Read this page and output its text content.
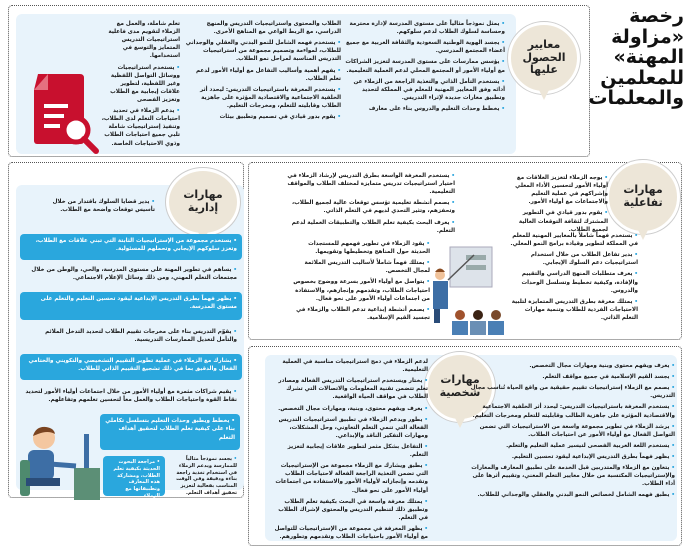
رخصة «مزاولة المهنة» للمعلمين والمعلمات
معايير الحصول عليها

• يمثل نموذجاً مثالياً على مستوى المدرسة لإدارة محترمة وحساسة لسلوك الطلاب لدعم سلوكهم.

• يجسد الهوية الوطنية السعودية والثقافة العربية مع جميع أعضاء المجتمع المدرسي.

• يؤسس ممارسات على مستوى المدرسة لتعزيز الشراكات مع أولياء الأمور أو المجتمع المحلي لدعم العملية التعليمية.

• يستخدم التأمل الذاتي والتغذية الراجعة من الزملاء عن أدائه وفق المعايير المهنية للمعلم في المملكة لتحديد وتطبيق معارات جديدة لإثراء التدريس.

• يخطط وحدات التعليم والدروس بناء على معارف

الطلاب والمحتوى واستراتيجيات التدريس والمنهج الدراسي، مع الربط الواعي مع المناهج الأخرى.

• يستخدم فهمه الشامل للنمو البدني والعقلي والوجداني للطلاب، لمواءمة وتصميم مجموعة من استراتيجيات التدريس المناسبة لمراحل نمو الطلاب.

• يفهم أهمية وأساليب التفاعل مع أولياء الأمور لدعم تعلم الطلاب.

• يستخدم المعرفة باستراتيجيات التدريس: ليحدد أثر الخلفية الاجتماعية والاقتصادية المؤثرة على جاهزية الطلاب وقابليته للتعلم، ومخرجات التعليم.

• يقوم بدور قيادي في تصميم وتطبيق بيئات

تعلم شاملة، والعمل مع الزملاء لتقويم مدى فاعلية استراتيجيات التدريس المتمايز والتوسع في استخدامها.

• يستخدم استراتيجيات ووسائل التواصل اللفظية وغير اللفظية، لتطوير علاقات إيجابية مع الطلاب وتعزيز الفصحى

• يدعم الزملاء في تحديد احتياجات التعلم لدى الطلاب، وتنفيذ إستراتيجيات شاملة تلبي جميع احتياجات الطلاب وذوي الاحتياجات الخاصة.

مهارات تفاعلية

• يوجه الزملاء لتعزيز العلاقات مع أولياء الأمور لتحسين الأداء المعلي وإشراكهم في عملية التعليم والاجتماعات مع أولياء الأمور.

• يقوم بدور قيادي في التطوير المشترك لثقافة التوقعات العالية لجميع الطلاب.

• يستخدم فهماً شاملاً بالمعايير المهنية للمعلم في المملكة لتطوير وقيادة برامج النمو المعلي.

• يدير تفاعل الطلاب من خلال استخدام استراتيجيات دعم السلوك الإيجابي.

• يعرف متطلبات المنهج الدراسي والتقييم والإفادة، وكيفية تخطيط وتسلسل الوحدات والدروس.

• يمتلك معرفة بطرق التدريس المتمايزة لتلبية الاحتياجات الفردية للطلاب وتنمية مهارات التعلم الذاتي.

• يستخدم المعرفة الواسعة بطرق التدريس لإرشاد الزملاء في اختيار استراتيجيات تدريس متمايزة لمختلف الطلاب والمواقف التعليمية.

• يصمم أنشطة تعليمية تؤسس توقعات عالية لجميع الطلاب، وتحفزهم، وتثير التحدي لديهم في التعلم الذاتي.

• يعرف البحث بكيفية تعلم الطلاب والتطبيقات العملية لدعم التعلم.

• يقود الزملاء في تطوير فهمهم للمستجدات الحديثة حول المناهج وتخطيطها وتقويمها.

• يمتلك فهماً شاملاً لأساليب التدريس الملائمة لمجال التخصص.

• يتواصل مع أولياء الأمور بسرعة ووضوح بخصوص احتياجات الطلاب، وتقدمهم وإنجازهم، والاستفادة من اجتماعات أولياء الأمور على نحو فعال.

• يصمم أنشطة إبداعية تدعم الطلاب والزملاء في تجسيد القيم الإسلامية.

مهارات إدارية
• يدير قضايا السلوك باقتدار من خلال تأسيس توقعات واضحة مع الطلاب.
• يستخدم مجموعة من الإستراتيجيات الثابتة التي تبني علاقات مع الطلاب، وتعزز سلوكهم الإيجابي وتحملهم للمسئولية.
• يساهم في تطوير المهنة على مستوى المدرسة، والحي، والوطن من خلال مجتمعات التعلم المهني، ومن ذلك وسائل الإعلام الاجتماعي.
• يظهر فهماً بطرق التدريس الإبداعية ليقود تحسين التعليم والتعلم على مستوى المدرسة.
• يقوّم التدريس بناء على مخرجات تقييم الطلاب لتحديد التدخل الملائم والتأمل لتعديل الممارسات التدريسية.
• يشارك مع الزملاء في عملية تطوير التقييم التشخيصي والتكويني والختامي الفعال والدقيق بما في ذلك تشجيع التقييم الذاتي للطلاب.
• يقيم شراكات مثمرة مع أولياء الأمور من خلال اجتماعات أولياء الأمور لتحديد نقاط القوة واحتياجات الطلاب والعمل معاً لتحسين تعلمهم وتفاعلهم.
• يخطط ويطبق وحدات التعليم بتسلسل تكاملي بناء على كيفية تعلم الطلاب لتحقيق أهداف التعلم
• مراجعة البحوث الحديثة بكيفية تعلم الطلاب، ومشاركة هذه المعارف وتطبيقاتها مع الزملاء.
• يجسد نموذجاً مثالياً للممارسة ويدعم الزملاء في استخدام تغذية راجعة بناءة ودقيقة وفي الوقت المناسب بفعالية لتعزيز تحقيق أهداف التعلم.
مهارات شخصية

لدعم الزملاء في دمج استراتيجيات مناسبة في العملية التعليمية.

• يختار ويستخدم استراتيجيات التدريس الفعالة ومصادر تعلم تتضمن تقنية المعلومات والاتصالات التي تشرك الطلاب في مواقف الحياة الواقعية.

• يعرف ويفهم محتوى، وبنية، ومهارات مجال التخصص.

• يطور ويدعم الزملاء في تطبيق استراتيجيات التدريس الفعالة التي تنمي التعلم التعاوني، وحل المشكلات، ومهارات التفكير الناقد والإبداعي.

• التفاعل بشكل مثمر لتطوير علاقات إيجابية لتعزيز التعلم.

• يطبق ويشارك مع الزملاء مجموعة من الإستراتيجيات التي تضمن التغذية الراجعة الفعالة لاحتياجات الطلاب وتقدمه وإنجازاته لأولياء الأمور والاستفادة من اجتماعات أولياء الأمور على نحو فعال.

• يمتلك معرفة واسعة في البحث بكيفية تعلم الطلاب وتطبيق ذلك لتنظيم التدريس والمحتوى لإشراك الطلاب في التعلم.

• يظهر المعرفة في مجموعة من الإستراتيجيات للتواصل مع أولياء الأمور باحتياجات الطلاب وتقدمهم وتطورهم.

• يعرف ويفهم محتوى وبنية ومهارات مجال التخصص.

• يجسد القيم الإسلامية في جميع مواقف التعلم.

• يصمم مع الزملاء إستراتيجيات تقييم حقيقية من واقع الحياة تُناسب مجال التدريس.

• يستخدم المعرفة باستراتيجيات التدريس: ليحدد أثر الخلفية الاجتماعية والاقتصادية المؤثرة على جاهزية الطالب وقابليته للتعلم ومخرجات التعليم.

• يرشد الزملاء في تطوير مجموعة واسعة من الاستراتيجيات التي تضمن التواصل الفعال مع أولياء الأمور عن احتياجات الطلاب.

• يستخدم اللغة العربية الفصحى لتيسير عملية التعليم والتعلم.

• يظهر فهماً بطرق التدريس الإبداعية ليقود تحسين التعليم.

• يتعاون مع الزملاء والمتدربين قبل الخدمة على تطبيق المعارف والمعارات والإستراتيجيات المكتسبة من خلال معايير التعلم المعني، وتقييم أثرها على أداء الطلاب.

• يطبق فهمه الشامل لخصائص النمو البدني والعقلي والوجداني للطلاب.
